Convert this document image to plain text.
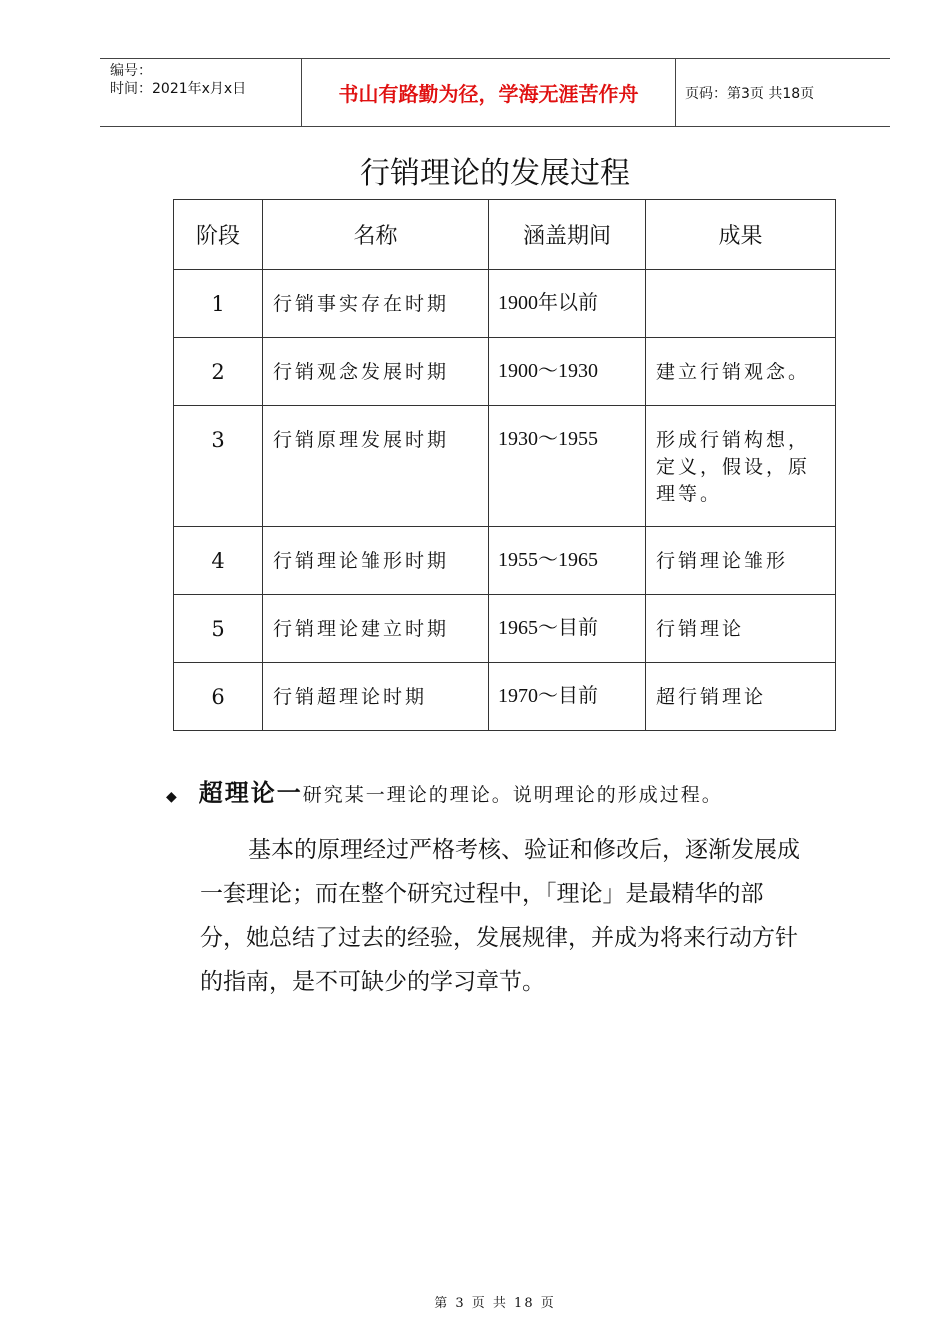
编号：
时间：2021年x月x日	书山有路勤为径，学海无涯苦作舟	页码：第3页 共18页
行销理论的发展过程
阶段	名称	涵盖期间	成果
1	行销事实存在时期	1900年以前	
2	行销观念发展时期	1900～1930	建立行销观念。
3	行销原理发展时期	1930～1955	形成行销构想，定义，假设，原理等。
4	行销理论雏形时期	1955～1965	行销理论雏形
5	行销理论建立时期	1965～目前	行销理论
6	行销超理论时期	1970～目前	超行销理论
◆ 超理论一研究某一理论的理论。说明理论的形成过程。
基本的原理经过严格考核、验证和修改后，逐渐发展成一套理论；而在整个研究过程中，「理论」是最精华的部分，她总结了过去的经验，发展规律，并成为将来行动方针的指南，是不可缺少的学习章节。
第 3 页 共 18 页
